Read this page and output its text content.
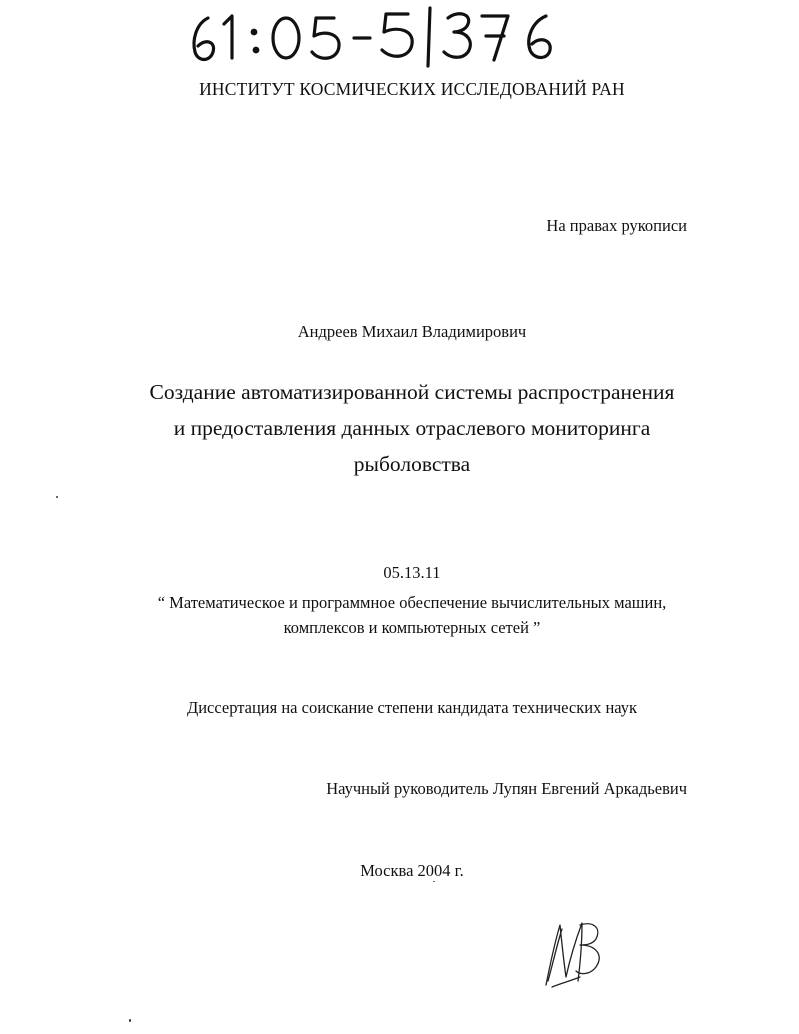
ИНСТИТУТ КОСМИЧЕСКИХ ИССЛЕДОВАНИЙ РАН
На правах рукописи
Андреев Михаил Владимирович
Создание автоматизированной системы распространения
и предоставления данных отраслевого мониторинга
рыболовства
05.13.11
“ Математическое и программное обеспечение вычислительных машин,
комплексов и компьютерных сетей ”
Диссертация на соискание степени кандидата технических наук
Научный руководитель Лупян Евгений Аркадьевич
Москва 2004 г.
